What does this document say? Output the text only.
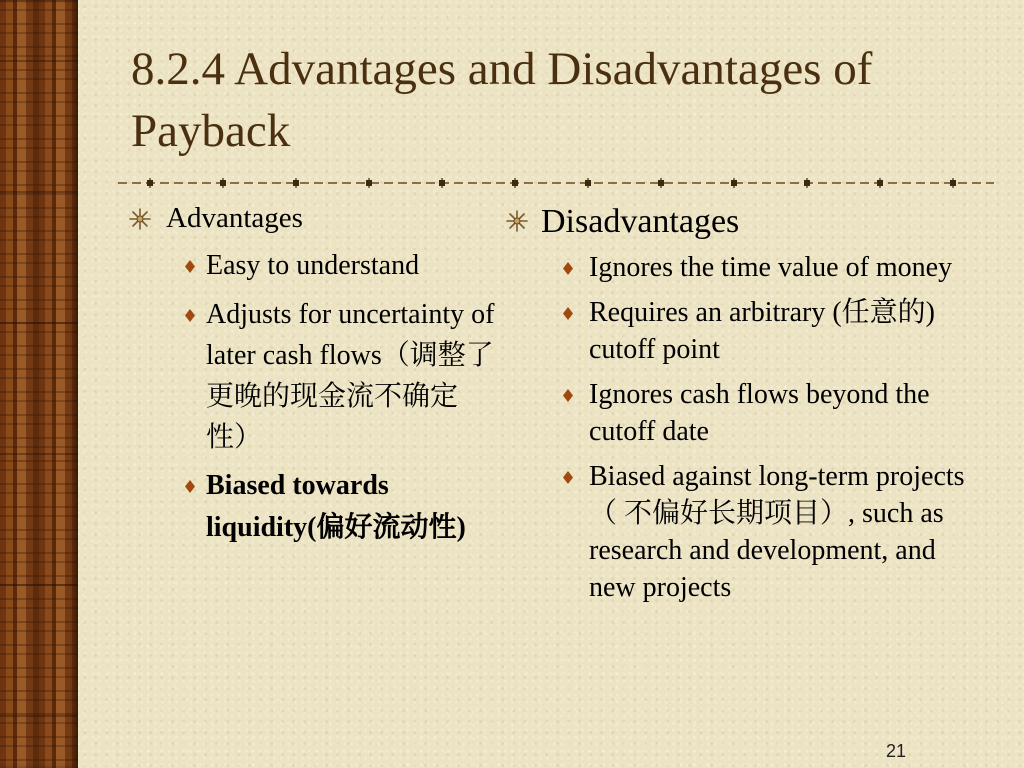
8.2.4 Advantages and Disadvantages of Payback
Advantages
Easy to understand
Adjusts for uncertainty of later cash flows（调整了更晚的现金流不确定性）
Biased towards liquidity(偏好流动性)
Disadvantages
Ignores the time value of money
Requires an arbitrary (任意的) cutoff point
Ignores cash flows beyond the cutoff date
Biased against long-term projects（ 不偏好长期项目）, such as research and development, and new projects
21
